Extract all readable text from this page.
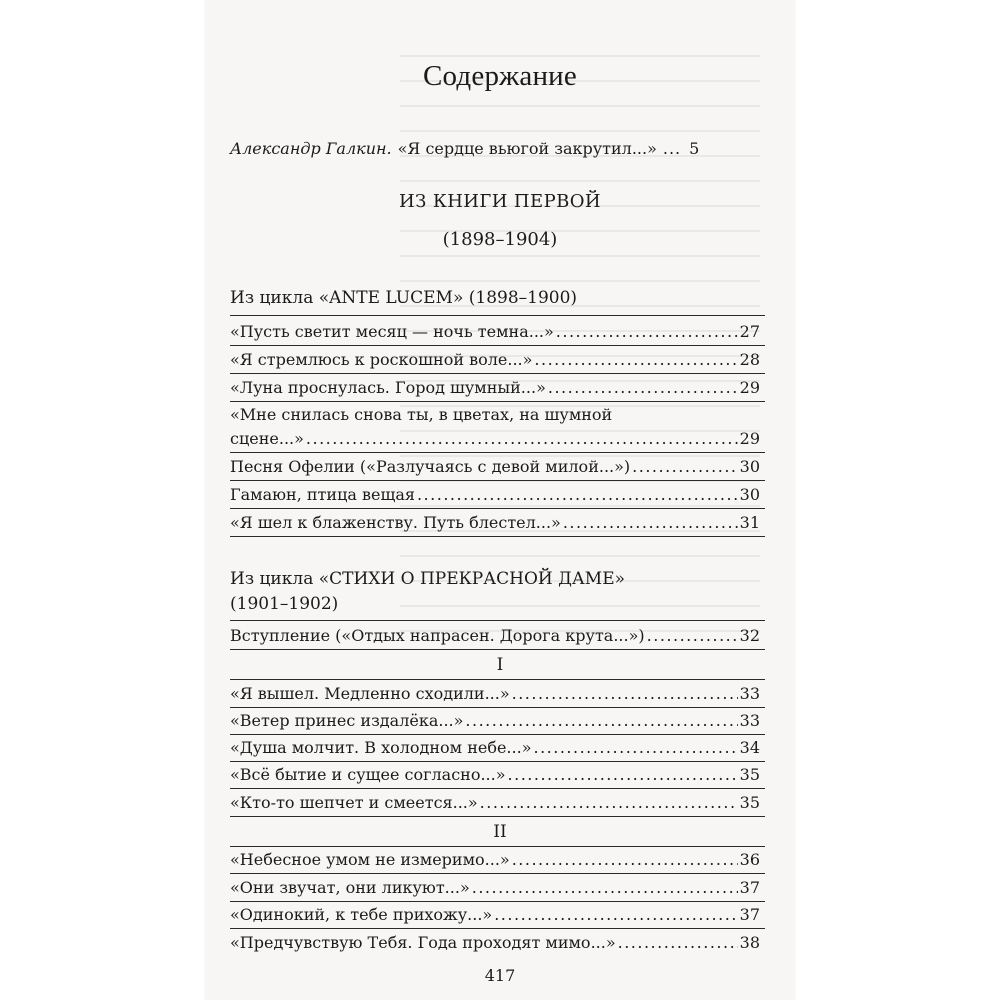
Содержание
Александр Галкин. «Я сердце вьюгой закрутил...» ... 5
ИЗ КНИГИ ПЕРВОЙ
(1898–1904)
Из цикла «ANTE LUCEM» (1898–1900)
«Пусть светит месяц — ночь темна...» .....	27
«Я стремлюсь к роскошной воле...» .....	28
«Луна проснулась. Город шумный...» .....	29
«Мне снилась снова ты, в цветах, на шумной
сцене...» .....	29
Песня Офелии («Разлучаясь с девой милой...») .....	30
Гамаюн, птица вещая .....	30
«Я шел к блаженству. Путь блестел...» .....	31
Из цикла «СТИХИ О ПРЕКРАСНОЙ ДАМЕ»
(1901–1902)
Вступление («Отдых напрасен. Дорога крута...») .....	32
I
«Я вышел. Медленно сходили...» .....	33
«Ветер принес издалёка...» .....	33
«Душа молчит. В холодном небе...» .....	34
«Всё бытие и сущее согласно...» .....	35
«Кто-то шепчет и смеется...» .....	35
II
«Небесное умом не измеримо...» .....	36
«Они звучат, они ликуют...» .....	37
«Одинокий, к тебе прихожу...» .....	37
«Предчувствую Тебя. Года проходят мимо...» .....	38
417
